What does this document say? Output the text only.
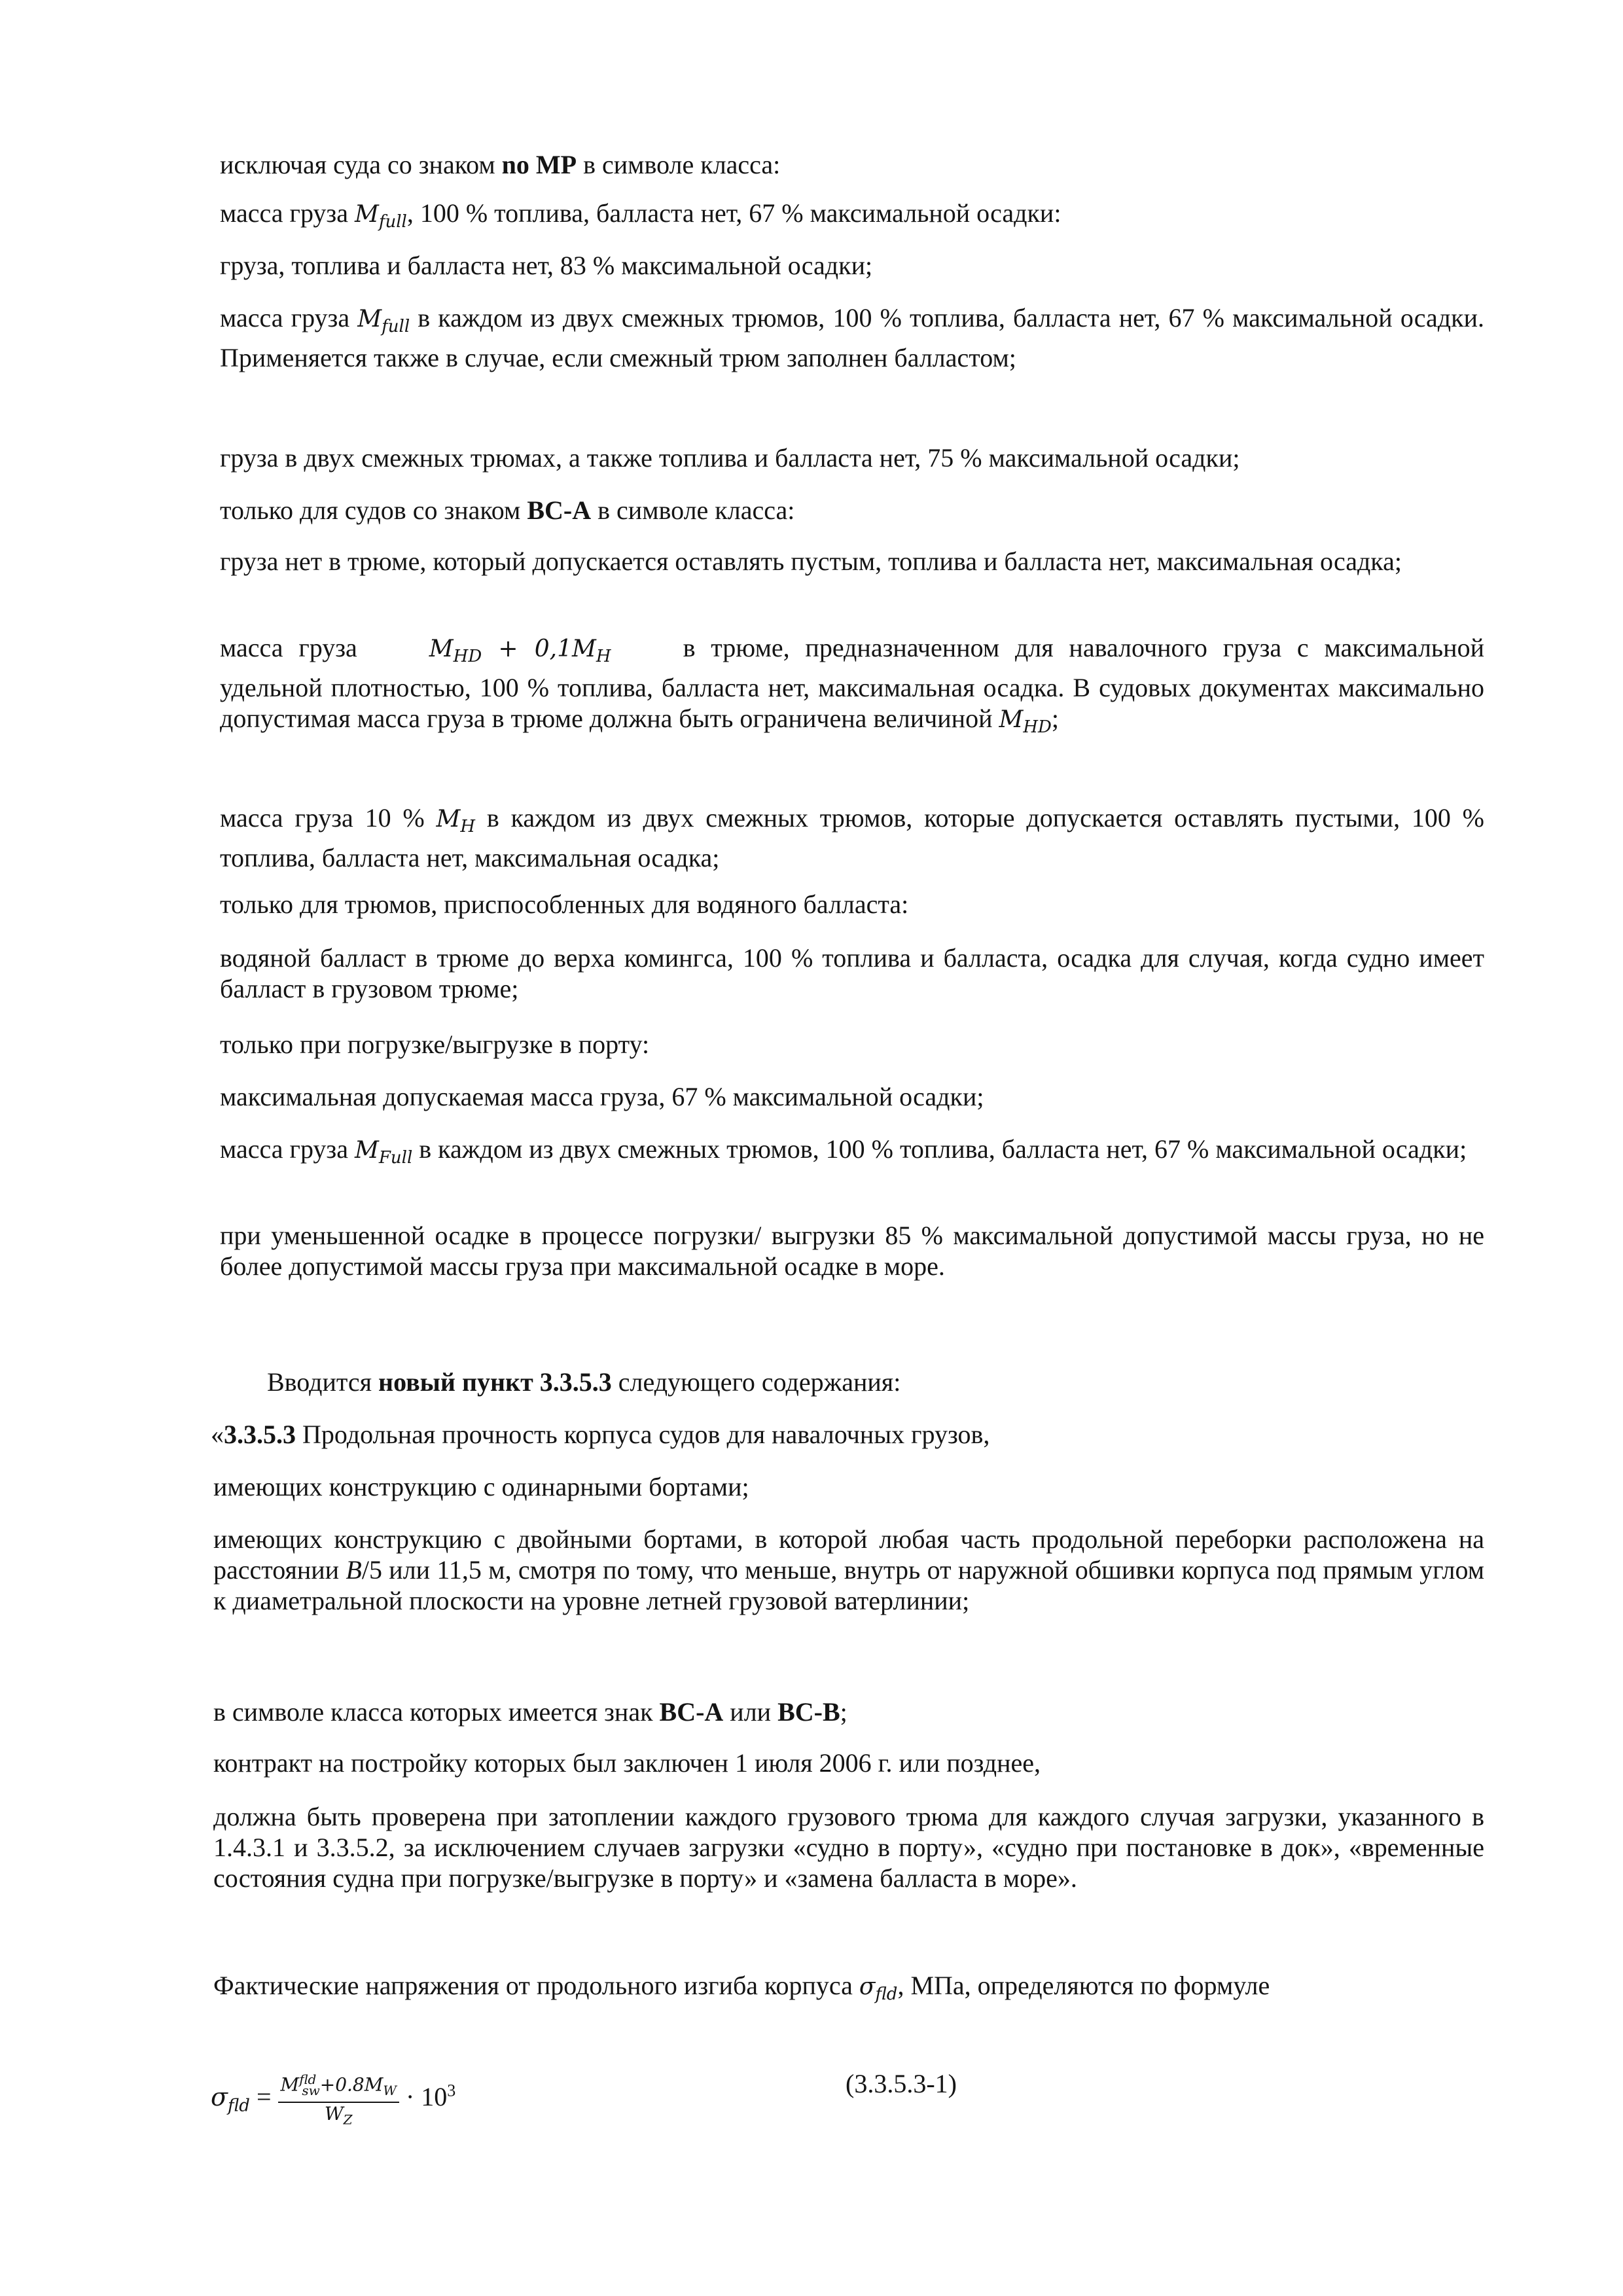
исключая суда со знаком no MP в символе класса:

масса груза $M_{full}$, 100 % топлива, балласта нет, 67 % максимальной осадки:

груза, топлива и балласта нет, 83 % максимальной осадки;

масса груза $M_{full}$ в каждом из двух смежных трюмов, 100 % топлива, балласта нет, 67 % максимальной осадки. Применяется также в случае, если смежный трюм заполнен балластом;

груза в двух смежных трюмах, а также топлива и балласта нет, 75 % максимальной осадки;

только для судов со знаком ВС-А в символе класса:

груза нет в трюме, который допускается оставлять пустым, топлива и балласта нет, максимальная осадка;

масса груза	$M_{HD} + 0,1M_H$	в трюме, предназначенном для навалочного груза с максимальной удельной плотностью, 100 % топлива, балласта нет, максимальная осадка. В судовых документах максимально допустимая масса груза в трюме должна быть ограничена величиной $M_{HD}$;

масса груза 10 % $M_H$ в каждом из двух смежных трюмов, которые допускается оставлять пустыми, 100 % топлива, балласта нет, максимальная осадка;

только для трюмов, приспособленных для водяного балласта:

водяной балласт в трюме до верха комингса, 100 % топлива и балласта, осадка для случая, когда судно имеет балласт в грузовом трюме;

только при погрузке/выгрузке в порту:

максимальная допускаемая масса груза, 67 % максимальной осадки;

масса груза $M_{Full}$ в каждом из двух смежных трюмов, 100 % топлива, балласта нет, 67 % максимальной осадки;

при уменьшенной осадке в процессе погрузки/ выгрузки 85 % максимальной допустимой массы груза, но не более допустимой массы груза при максимальной осадке в море.

Вводится новый пункт 3.3.5.3 следующего содержания:

«3.3.5.3 Продольная прочность корпуса судов для навалочных грузов,

имеющих конструкцию с одинарными бортами;

имеющих конструкцию с двойными бортами, в которой любая часть продольной переборки расположена на расстоянии B/5 или 11,5 м, смотря по тому, что меньше, внутрь от наружной обшивки корпуса под прямым углом к диаметральной плоскости на уровне летней грузовой ватерлинии;

в символе класса которых имеется знак ВС-А или ВС-В;

контракт на постройку которых был заключен 1 июля 2006 г. или позднее,

должна быть проверена при затоплении каждого грузового трюма для каждого случая загрузки, указанного в 1.4.3.1 и 3.3.5.2, за исключением случаев загрузки «судно в порту», «судно при постановке в док», «временные состояния судна при погрузке/выгрузке в порту» и «замена балласта в море».

Фактические напряжения от продольного изгиба корпуса $\sigma_{fld}$, МПа, определяются по формуле

$\sigma_{fld} = \frac{M^{fld}_{sw}+0.8M_W}{W_Z} \cdot 10^3$	(3.3.5.3-1)
